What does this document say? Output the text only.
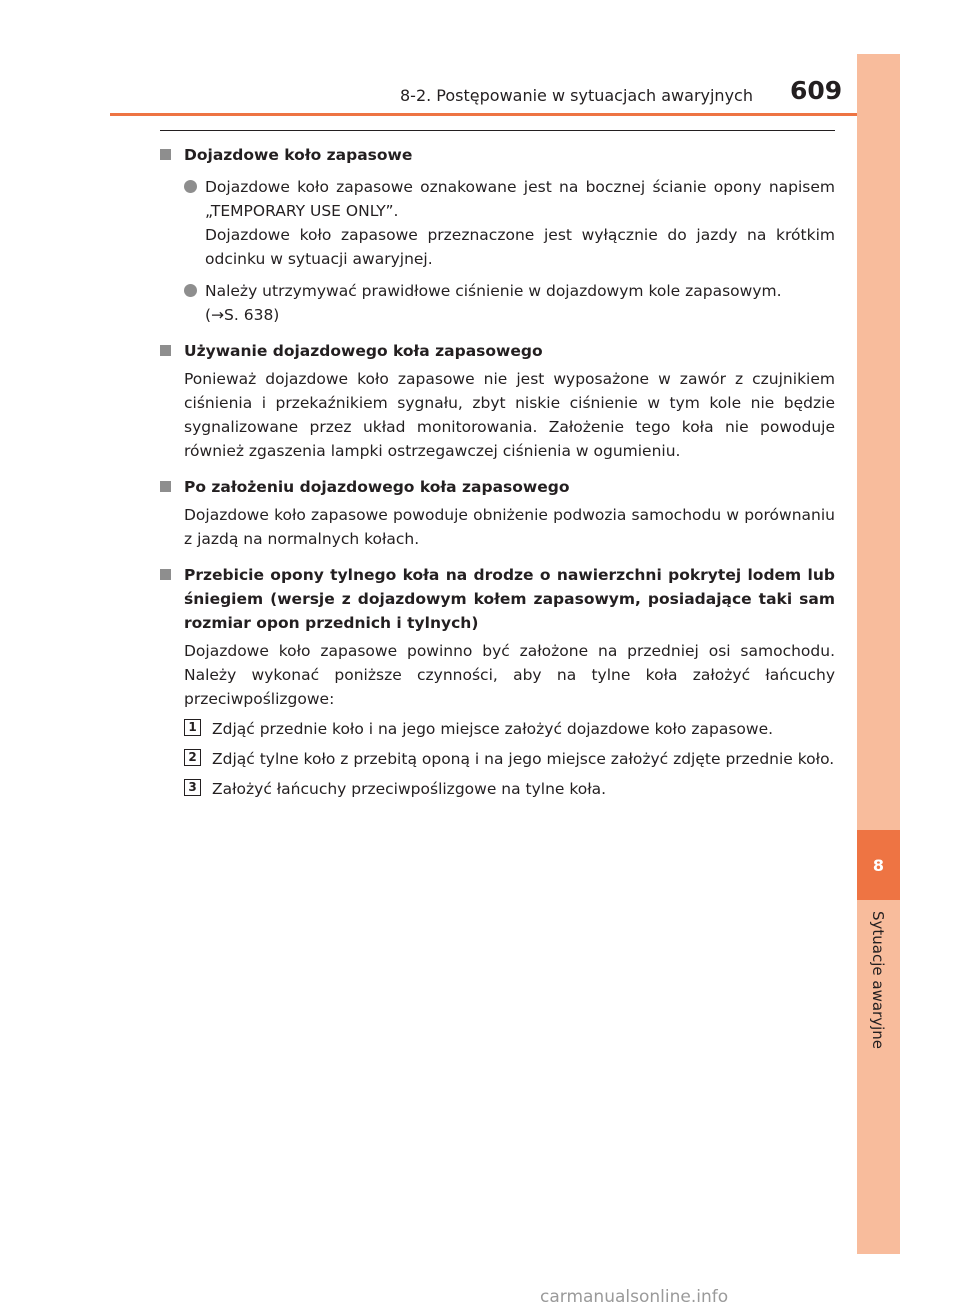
8-2. Postępowanie w sytuacjach awaryjnych 609
8
Sytuacje awaryjne
Dojazdowe koło zapasowe

Dojazdowe koło zapasowe oznakowane jest na bocznej ścianie opony napisem „TEMPORARY USE ONLY”.

Dojazdowe koło zapasowe przeznaczone jest wyłącznie do jazdy na krótkim odcinku w sytuacji awaryjnej.

Należy utrzymywać prawidłowe ciśnienie w dojazdowym kole zapasowym.

(→S. 638)

Używanie dojazdowego koła zapasowego
Ponieważ dojazdowe koło zapasowe nie jest wyposażone w zawór z czujnikiem ciśnienia i przekaźnikiem sygnału, zbyt niskie ciśnienie w tym kole nie będzie sygnalizowane przez układ monitorowania. Założenie tego koła nie powoduje również zgaszenia lampki ostrzegawczej ciśnienia w ogumieniu.
Po założeniu dojazdowego koła zapasowego
Dojazdowe koło zapasowe powoduje obniżenie podwozia samochodu w porównaniu z jazdą na normalnych kołach.
Przebicie opony tylnego koła na drodze o nawierzchni pokrytej lodem lub śniegiem (wersje z dojazdowym kołem zapasowym, posiadające taki sam rozmiar opon przednich i tylnych)
Dojazdowe koło zapasowe powinno być założone na przedniej osi samochodu. Należy wykonać poniższe czynności, aby na tylne koła założyć łańcuchy przeciwpoślizgowe:
1 Zdjąć przednie koło i na jego miejsce założyć dojazdowe koło zapasowe.
2 Zdjąć tylne koło z przebitą oponą i na jego miejsce założyć zdjęte przednie koło.
3 Założyć łańcuchy przeciwpoślizgowe na tylne koła.
carmanualsonline.info
